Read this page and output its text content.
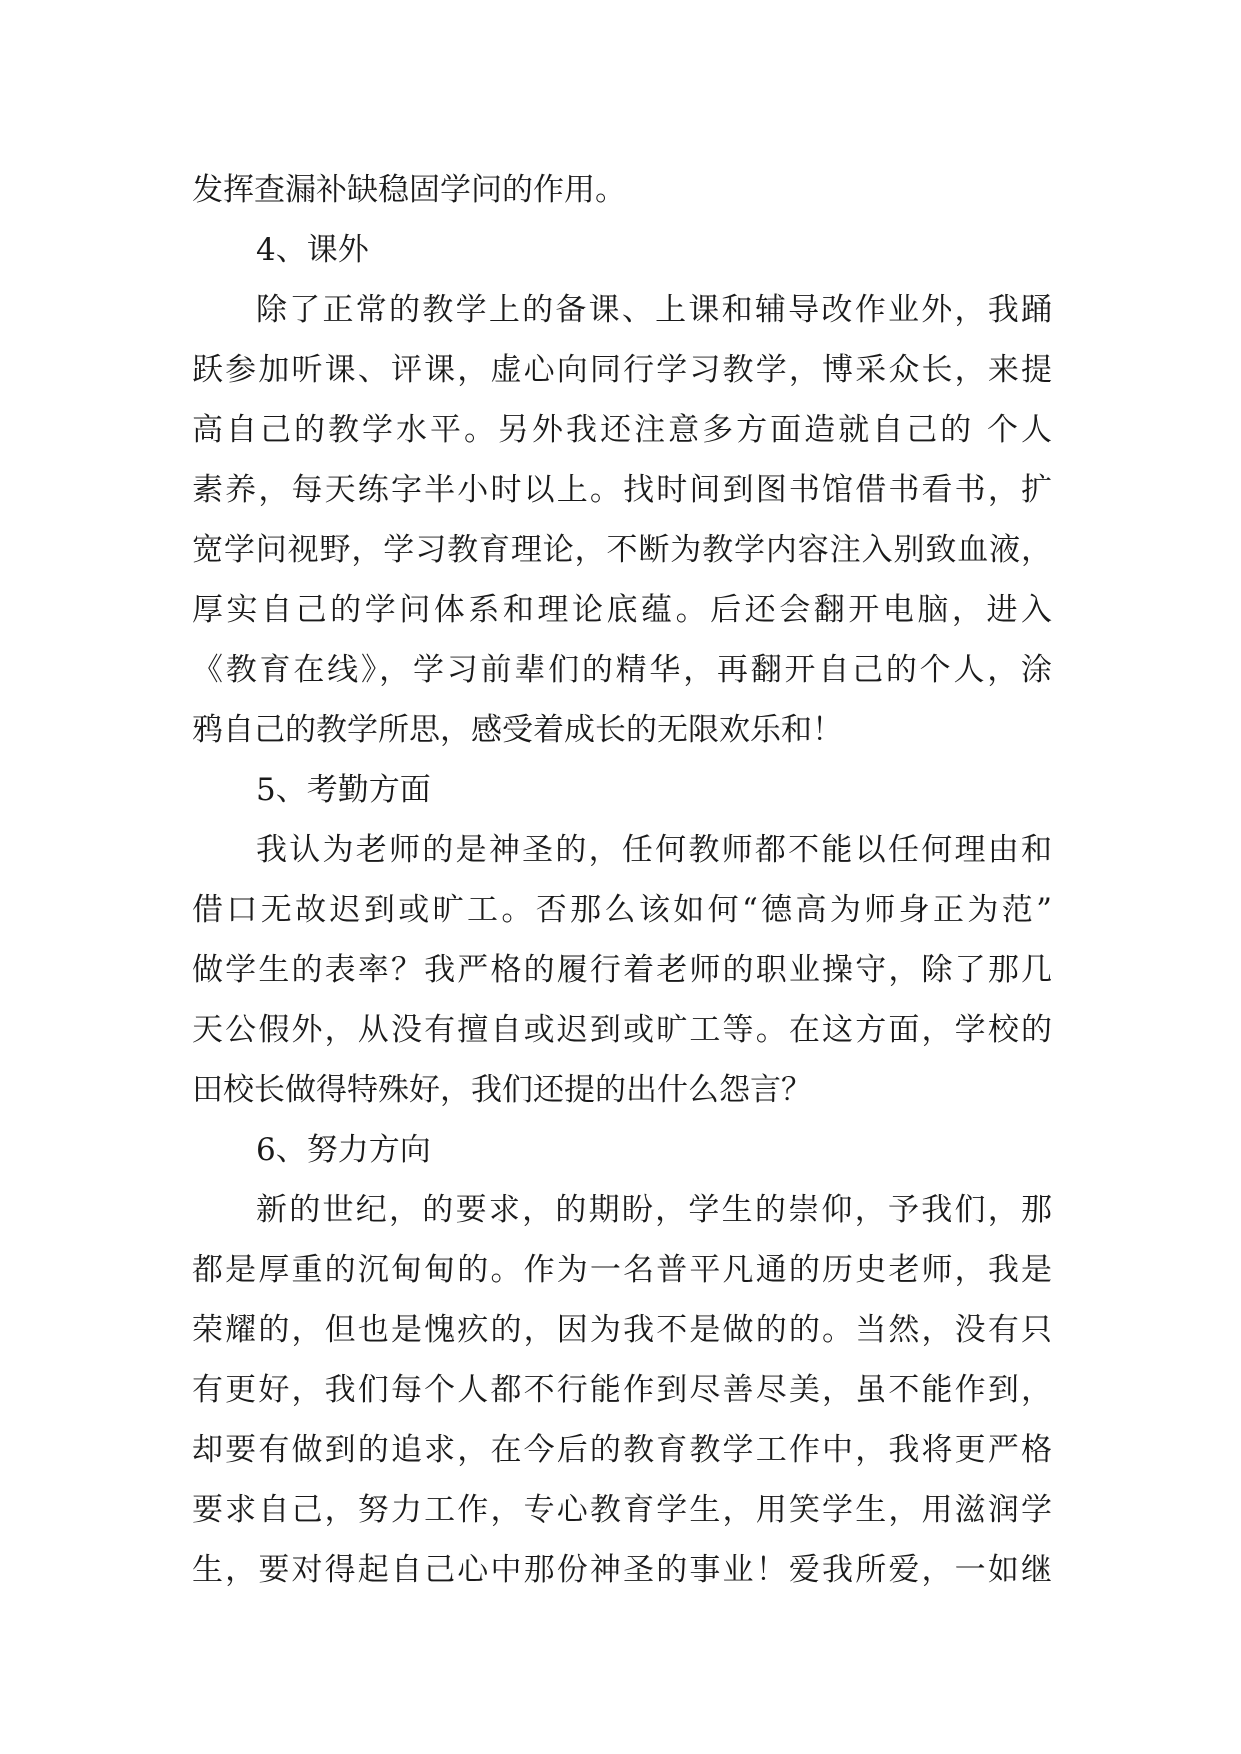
发挥查漏补缺稳固学问的作用。
4、课外
除了正常的教学上的备课、上课和辅导改作业外，我踊
跃参加听课、评课，虚心向同行学习教学，博采众长，来提
高自己的教学水平。另外我还注意多方面造就自己的 个人
素养，每天练字半小时以上。找时间到图书馆借书看书，扩
宽学问视野，学习教育理论，不断为教学内容注入别致血液，
厚实自己的学问体系和理论底蕴。后还会翻开电脑，进入
《教育在线》，学习前辈们的精华，再翻开自己的个人，涂
鸦自己的教学所思，感受着成长的无限欢乐和！
5、考勤方面
我认为老师的是神圣的，任何教师都不能以任何理由和
借口无故迟到或旷工。否那么该如何“德高为师身正为范”
做学生的表率？我严格的履行着老师的职业操守，除了那几
天公假外，从没有擅自或迟到或旷工等。在这方面，学校的
田校长做得特殊好，我们还提的出什么怨言？
6、努力方向
新的世纪，的要求，的期盼，学生的崇仰，予我们，那
都是厚重的沉甸甸的。作为一名普平凡通的历史老师，我是
荣耀的，但也是愧疚的，因为我不是做的的。当然，没有只
有更好，我们每个人都不行能作到尽善尽美，虽不能作到，
却要有做到的追求，在今后的教育教学工作中，我将更严格
要求自己，努力工作，专心教育学生，用笑学生，用滋润学
生，要对得起自己心中那份神圣的事业！爱我所爱，一如继
